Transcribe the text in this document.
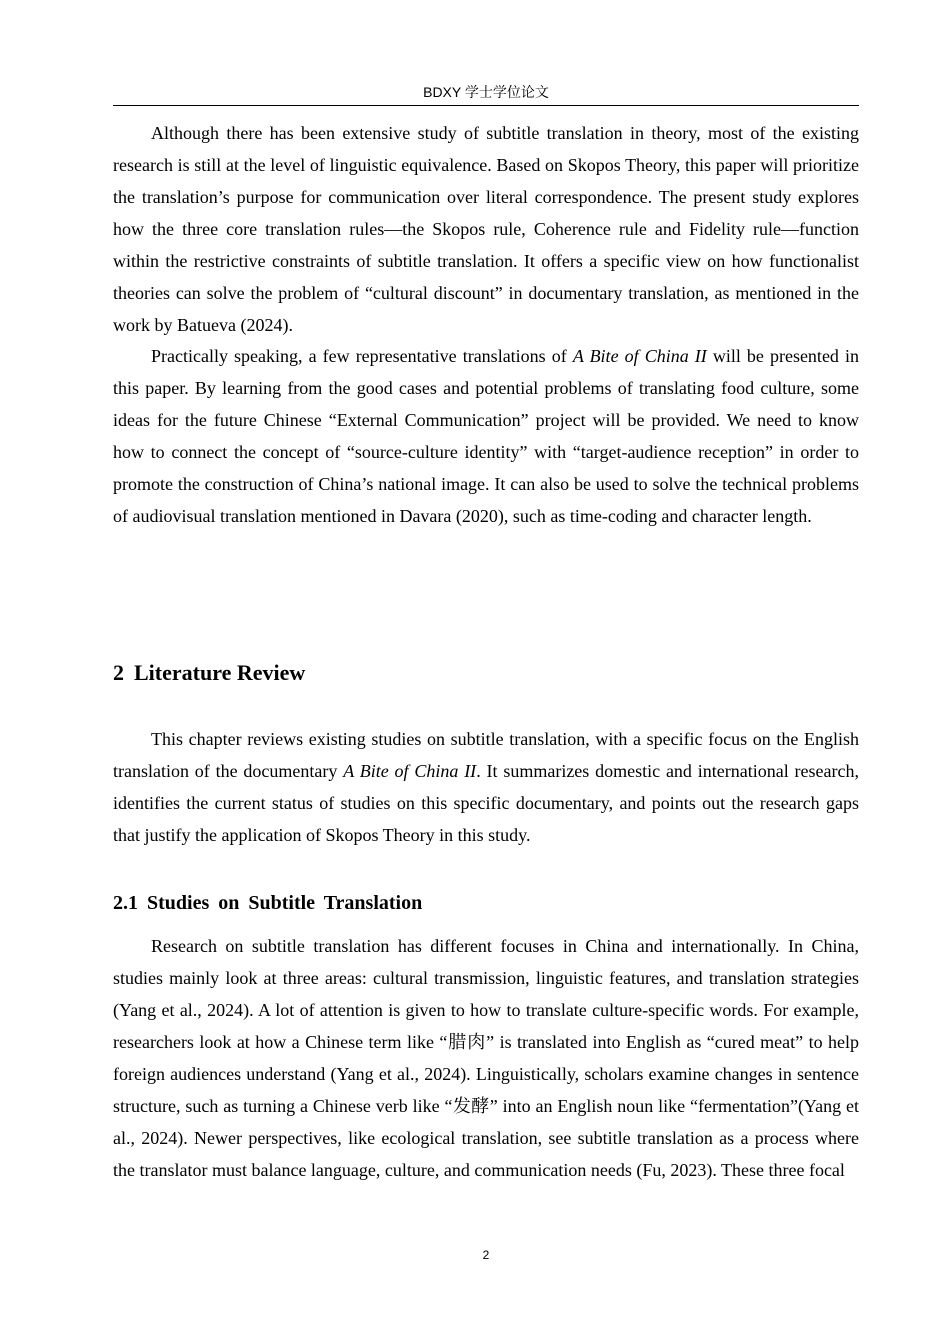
BDXY 学士学位论文

Although there has been extensive study of subtitle translation in theory, most of the existing research is still at the level of linguistic equivalence. Based on Skopos Theory, this paper will prioritize the translation’s purpose for communication over literal correspondence. The present study explores how the three core translation rules—the Skopos rule, Coherence rule and Fidelity rule—function within the restrictive constraints of subtitle translation. It offers a specific view on how functionalist theories can solve the problem of “cultural discount” in documentary translation, as mentioned in the work by Batueva (2024).

Practically speaking, a few representative translations of A Bite of China II will be presented in this paper. By learning from the good cases and potential problems of translating food culture, some ideas for the future Chinese “External Communication” project will be provided. We need to know how to connect the concept of “source-culture identity” with “target-audience reception” in order to promote the construction of China’s national image. It can also be used to solve the technical problems of audiovisual translation mentioned in Davara (2020), such as time-coding and character length.

2 Literature Review

This chapter reviews existing studies on subtitle translation, with a specific focus on the English translation of the documentary A Bite of China II. It summarizes domestic and international research, identifies the current status of studies on this specific documentary, and points out the research gaps that justify the application of Skopos Theory in this study.

2.1 Studies on Subtitle Translation

Research on subtitle translation has different focuses in China and internationally. In China, studies mainly look at three areas: cultural transmission, linguistic features, and translation strategies (Yang et al., 2024). A lot of attention is given to how to translate culture-specific words. For example, researchers look at how a Chinese term like “腊肉” is translated into English as “cured meat” to help foreign audiences understand (Yang et al., 2024). Linguistically, scholars examine changes in sentence structure, such as turning a Chinese verb like “发酵” into an English noun like “fermentation”(Yang et al., 2024). Newer perspectives, like ecological translation, see subtitle translation as a process where the translator must balance language, culture, and communication needs (Fu, 2023). These three focal

2
